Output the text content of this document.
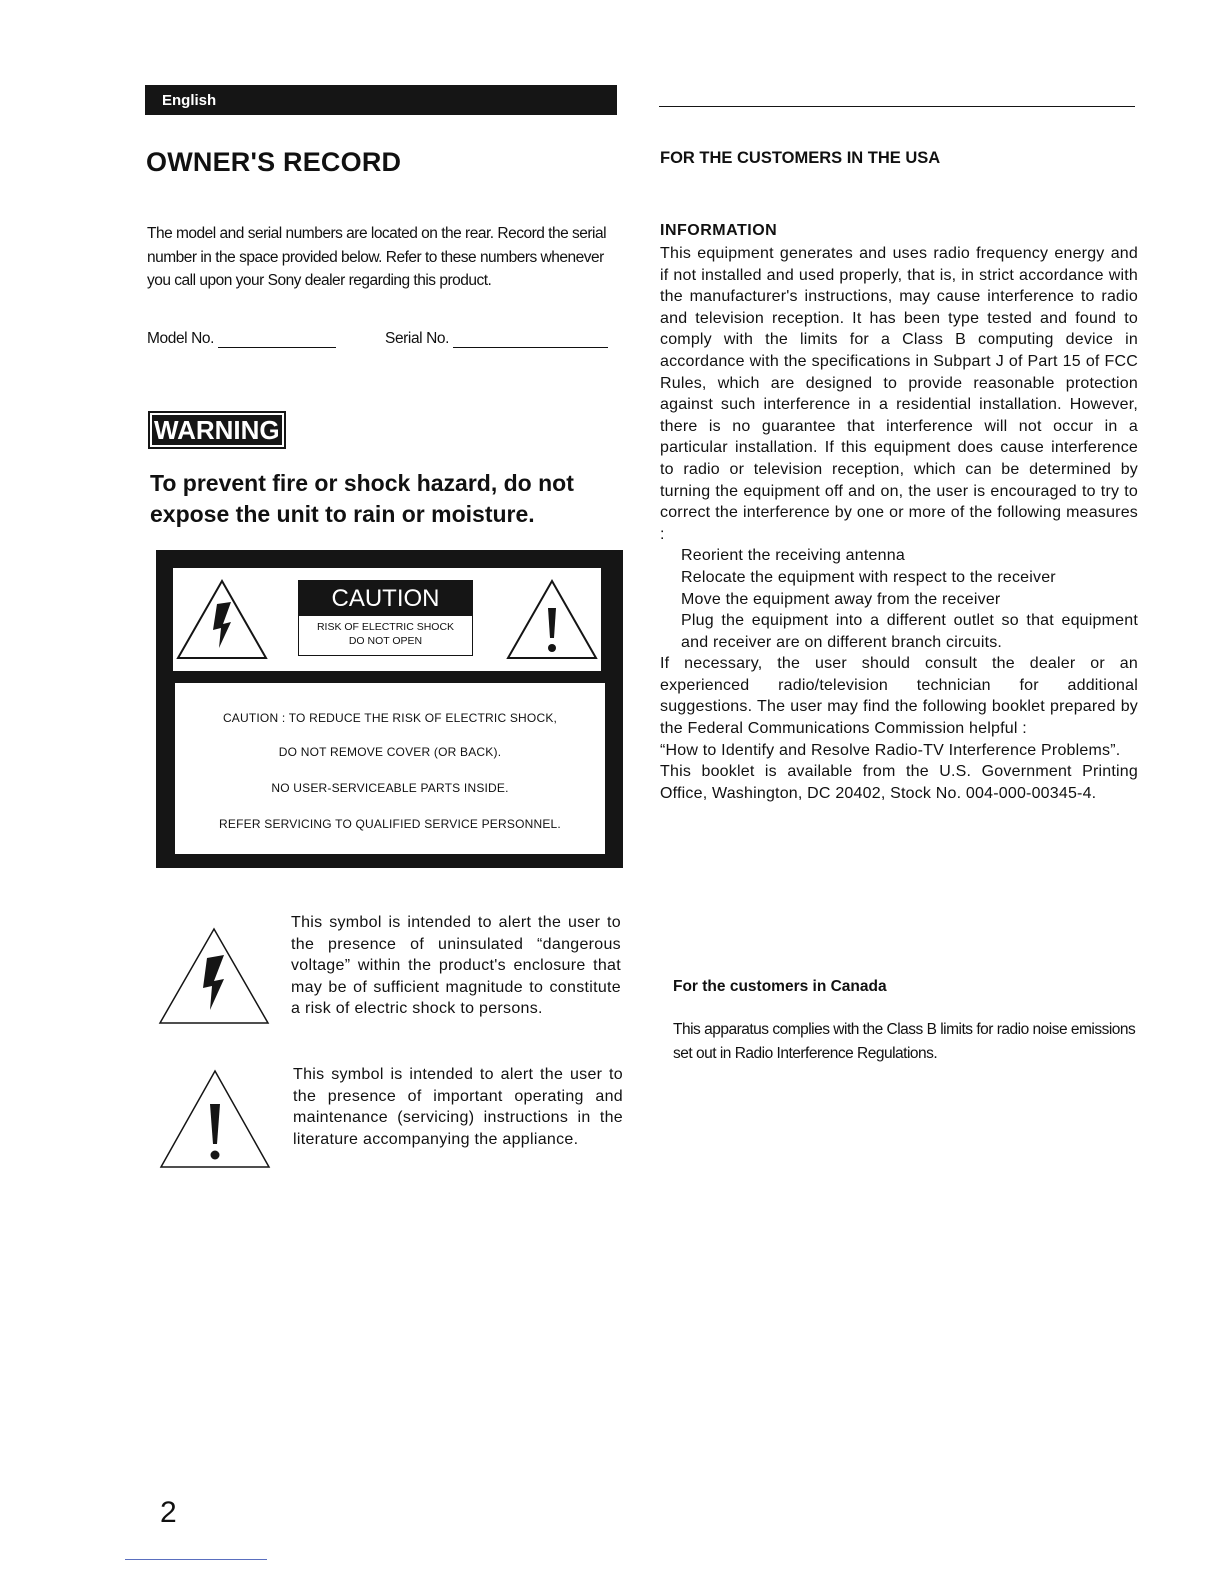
English
OWNER'S RECORD
The model and serial numbers are located on the rear. Record the serial number in the space provided below. Refer to these numbers whenever you call upon your Sony dealer regarding this product.
Model No.	Serial No.
WARNING
To prevent fire or shock hazard, do not expose the unit to rain or moisture.
CAUTION
RISK OF ELECTRIC SHOCK
DO NOT OPEN

CAUTION : TO REDUCE THE RISK OF ELECTRIC SHOCK,

DO NOT REMOVE COVER (OR BACK).

NO USER-SERVICEABLE PARTS INSIDE.

REFER SERVICING TO QUALIFIED SERVICE PERSONNEL.

This symbol is intended to alert the user to the presence of uninsulated “dangerous voltage” within the product's enclosure that may be of sufficient magnitude to constitute a risk of electric shock to persons.
This symbol is intended to alert the user to the presence of important operating and maintenance (servicing) instructions in the literature accompanying the appliance.
2
FOR THE CUSTOMERS IN THE USA
INFORMATION

This equipment generates and uses radio frequency energy and if not installed and used properly, that is, in strict accordance with the manufacturer's instructions, may cause interference to radio and television reception. It has been type tested and found to comply with the limits for a Class B computing device in accordance with the specifications in Subpart J of Part 15 of FCC Rules, which are designed to provide reasonable protection against such interference in a residential installation. However, there is no guarantee that interference will not occur in a particular installation. If this equipment does cause interference to radio or television reception, which can be determined by turning the equipment off and on, the user is encouraged to try to correct the interference by one or more of the following measures :

Reorient the receiving antenna
Relocate the equipment with respect to the receiver
Move the equipment away from the receiver
Plug the equipment into a different outlet so that equipment and receiver are on different branch circuits.

If necessary, the user should consult the dealer or an experienced radio/television technician for additional suggestions. The user may find the following booklet prepared by the Federal Communications Commission helpful :

“How to Identify and Resolve Radio-TV Interference Problems”.

This booklet is available from the U.S. Government Printing Office, Washington, DC 20402, Stock No. 004-000-00345-4.

For the customers in Canada
This apparatus complies with the Class B limits for radio noise emissions set out in Radio Interference Regulations.
